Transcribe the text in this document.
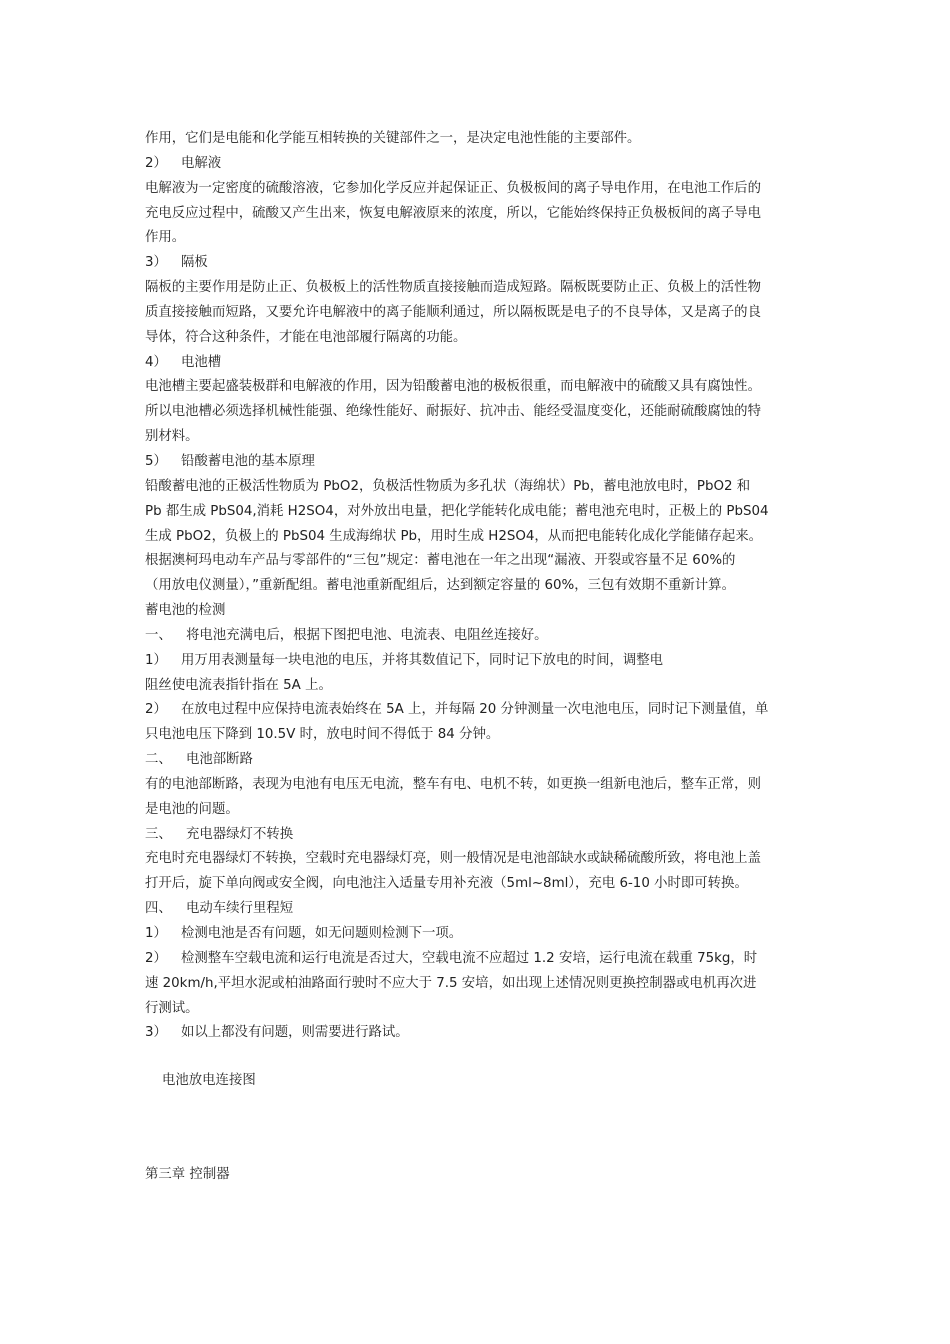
作用，它们是电能和化学能互相转换的关键部件之一，是决定电池性能的主要部件。
2） 电解液
电解液为一定密度的硫酸溶液，它参加化学反应并起保证正、负极板间的离子导电作用，在电池工作后的
充电反应过程中，硫酸又产生出来，恢复电解液原来的浓度，所以，它能始终保持正负极板间的离子导电
作用。
3） 隔板
隔板的主要作用是防止正、负极板上的活性物质直接接触而造成短路。隔板既要防止正、负极上的活性物
质直接接触而短路，又要允许电解液中的离子能顺利通过，所以隔板既是电子的不良导体，又是离子的良
导体，符合这种条件，才能在电池部履行隔离的功能。
4） 电池槽
电池槽主要起盛装极群和电解液的作用，因为铅酸蓄电池的极板很重，而电解液中的硫酸又具有腐蚀性。
所以电池槽必须选择机械性能强、绝缘性能好、耐振好、抗冲击、能经受温度变化，还能耐硫酸腐蚀的特
别材料。
5） 铅酸蓄电池的基本原理
铅酸蓄电池的正极活性物质为 PbO2，负极活性物质为多孔状（海绵状）Pb，蓄电池放电时，PbO2 和
Pb 都生成 PbS04,消耗 H2SO4，对外放出电量，把化学能转化成电能；蓄电池充电时，正极上的 PbS04
生成 PbO2，负极上的 PbS04 生成海绵状 Pb，用时生成 H2SO4，从而把电能转化成化学能储存起来。
根据澳柯玛电动车产品与零部件的“三包”规定：蓄电池在一年之出现“漏液、开裂或容量不足 60%的
（用放电仪测量），”重新配组。蓄电池重新配组后，达到额定容量的 60%，三包有效期不重新计算。
蓄电池的检测
一、 将电池充满电后，根据下图把电池、电流表、电阻丝连接好。
1） 用万用表测量每一块电池的电压，并将其数值记下，同时记下放电的时间，调整电
阻丝使电流表指针指在 5A 上。
2） 在放电过程中应保持电流表始终在 5A 上，并每隔 20 分钟测量一次电池电压，同时记下测量值，单
只电池电压下降到 10.5V 时，放电时间不得低于 84 分钟。
二、 电池部断路
有的电池部断路，表现为电池有电压无电流，整车有电、电机不转，如更换一组新电池后，整车正常，则
是电池的问题。
三、 充电器绿灯不转换
充电时充电器绿灯不转换，空载时充电器绿灯亮，则一般情况是电池部缺水或缺稀硫酸所致，将电池上盖
打开后，旋下单向阀或安全阀，向电池注入适量专用补充液（5ml~8ml），充电 6-10 小时即可转换。
四、 电动车续行里程短
1） 检测电池是否有问题，如无问题则检测下一项。
2） 检测整车空载电流和运行电流是否过大，空载电流不应超过 1.2 安培，运行电流在载重 75kg，时
速 20km/h,平坦水泥或柏油路面行驶时不应大于 7.5 安培，如出现上述情况则更换控制器或电机再次进
行测试。
3） 如以上都没有问题，则需要进行路试。
电池放电连接图
第三章 控制器
